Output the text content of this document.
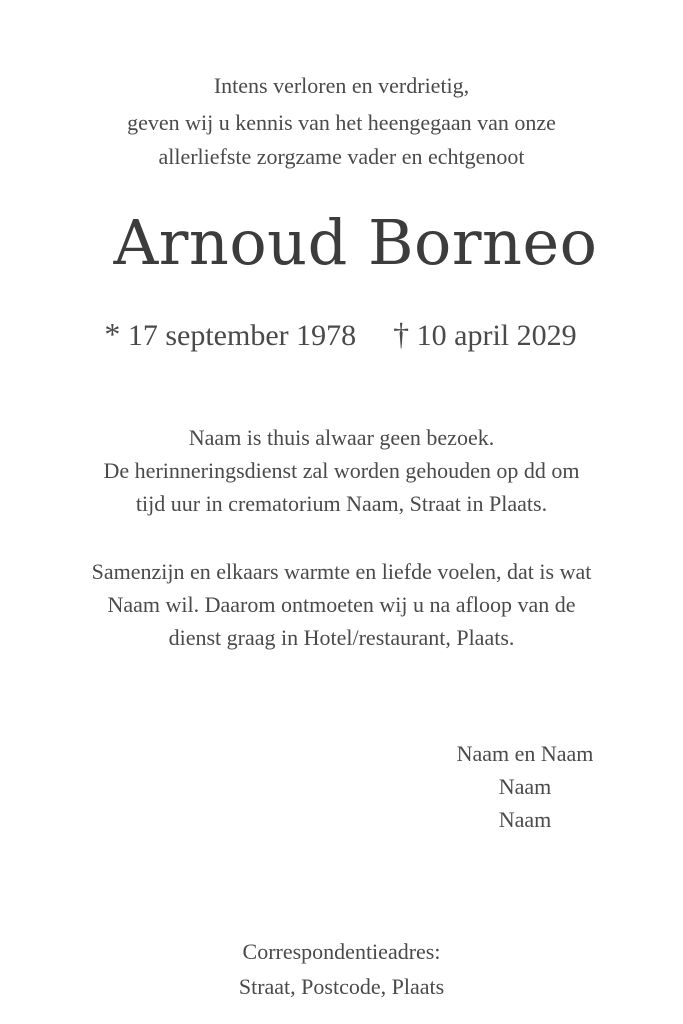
Intens verloren en verdrietig,
geven wij u kennis van het heengegaan van onze
allerliefste zorgzame vader en echtgenoot
Arnoud Borneo
* 17 september 1978 † 10 april 2029
Naam is thuis alwaar geen bezoek.
De herinneringsdienst zal worden gehouden op dd om
tijd uur in crematorium Naam, Straat in Plaats.
Samenzijn en elkaars warmte en liefde voelen, dat is wat
Naam wil. Daarom ontmoeten wij u na afloop van de
dienst graag in Hotel/restaurant, Plaats.
Naam en Naam
Naam
Naam
Correspondentieadres:
Straat, Postcode, Plaats
